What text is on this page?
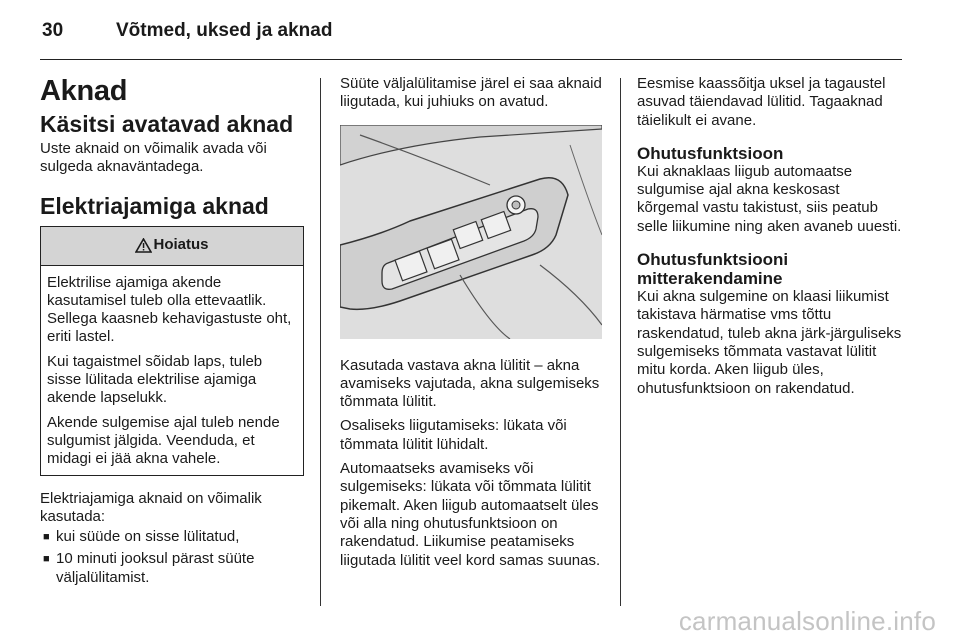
30	Võtmed, uksed ja aknad
Aknad
Käsitsi avatavad aknad

Uste aknaid on võimalik avada või sulgeda aknaväntadega.

Elektriajamiga aknad
Hoiatus

Elektrilise ajamiga akende kasutamisel tuleb olla ettevaatlik. Sellega kaasneb kehavigastuste oht, eriti lastel.

Kui tagaistmel sõidab laps, tuleb sisse lülitada elektrilise ajamiga akende lapselukk.

Akende sulgemise ajal tuleb nende sulgumist jälgida. Veenduda, et midagi ei jää akna vahele.

Elektriajamiga aknaid on võimalik kasutada:

■ kui süüde on sisse lülitatud,
■ 10 minuti jooksul pärast süüte väljalülitamist.

Süüte väljalülitamise järel ei saa aknaid liigutada, kui juhiuks on avatud.

Kasutada vastava akna lülitit – akna avamiseks vajutada, akna sulgemiseks tõmmata lülitit.

Osaliseks liigutamiseks: lükata või tõmmata lülitit lühidalt.

Automaatseks avamiseks või sulgemiseks: lükata või tõmmata lülitit pikemalt. Aken liigub automaatselt üles või alla ning ohutusfunktsioon on rakendatud. Liikumise peatamiseks liigutada lülitit veel kord samas suunas.

Eesmise kaassõitja uksel ja tagaustel asuvad täiendavad lülitid. Tagaaknad täielikult ei avane.

Ohutusfunktsioon

Kui aknaklaas liigub automaatse sulgumise ajal akna keskosast kõrgemal vastu takistust, siis peatub selle liikumine ning aken avaneb uuesti.

Ohutusfunktsiooni mitterakendamine

Kui akna sulgemine on klaasi liikumist takistava härmatise vms tõttu raskendatud, tuleb akna järk-järguliseks sulgemiseks tõmmata vastavat lülitit mitu korda. Aken liigub üles, ohutusfunktsioon on rakendatud.

carmanualsonline.info
